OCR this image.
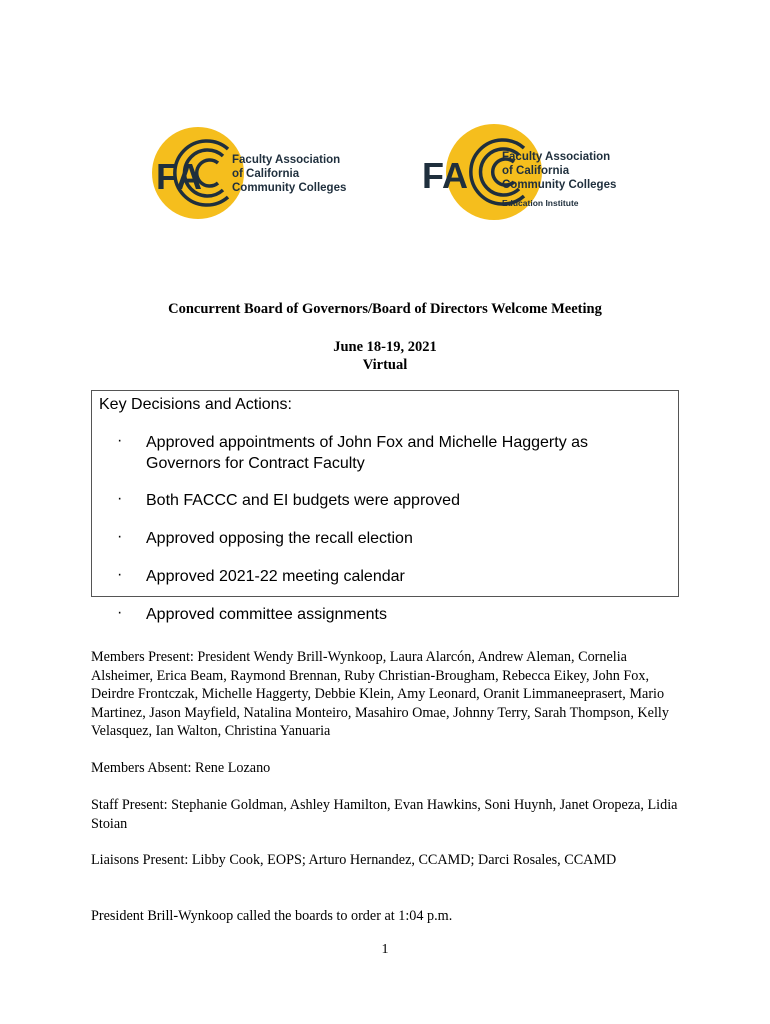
FA	Faculty Association
of California
Community Colleges FA	Faculty Association
of California
Community Colleges
Education Institute
Concurrent Board of Governors/Board of Directors Welcome Meeting
June 18-19, 2021
Virtual
Key Decisions and Actions:
· Approved appointments of John Fox and Michelle Haggerty as Governors for Contract Faculty
· Both FACCC and EI budgets were approved
· Approved opposing the recall election
· Approved 2021-22 meeting calendar
· Approved committee assignments
Members Present: President Wendy Brill-Wynkoop, Laura Alarcón, Andrew Aleman, Cornelia Alsheimer, Erica Beam, Raymond Brennan, Ruby Christian-Brougham, Rebecca Eikey, John Fox, Deirdre Frontczak, Michelle Haggerty, Debbie Klein, Amy Leonard, Oranit Limmaneeprasert, Mario Martinez, Jason Mayfield, Natalina Monteiro, Masahiro Omae, Johnny Terry, Sarah Thompson, Kelly Velasquez, Ian Walton, Christina Yanuaria
Members Absent: Rene Lozano
Staff Present: Stephanie Goldman, Ashley Hamilton, Evan Hawkins, Soni Huynh, Janet Oropeza, Lidia Stoian
Liaisons Present: Libby Cook, EOPS; Arturo Hernandez, CCAMD; Darci Rosales, CCAMD
President Brill-Wynkoop called the boards to order at 1:04 p.m.
1
